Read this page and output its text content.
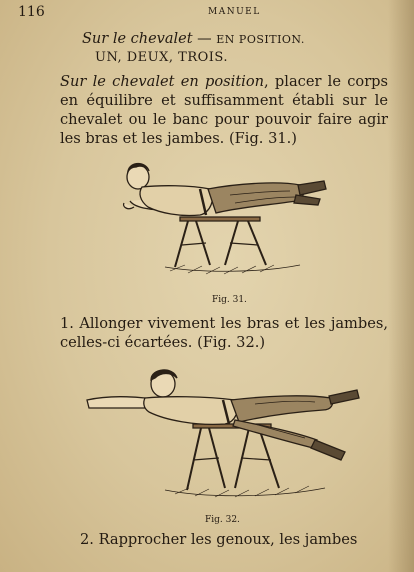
116	MANUEL
Sur le chevalet — EN POSITION.
UN, DEUX, TROIS.
Sur le chevalet en position, placer le corps en équilibre et suffisamment établi sur le chevalet ou le banc pour pouvoir faire agir les bras et les jambes. (Fig. 31.)
Fig. 31.
1. Allonger vivement les bras et les jambes, celles-ci écartées. (Fig. 32.)
Fig. 32.
2. Rapprocher les genoux, les jambes
